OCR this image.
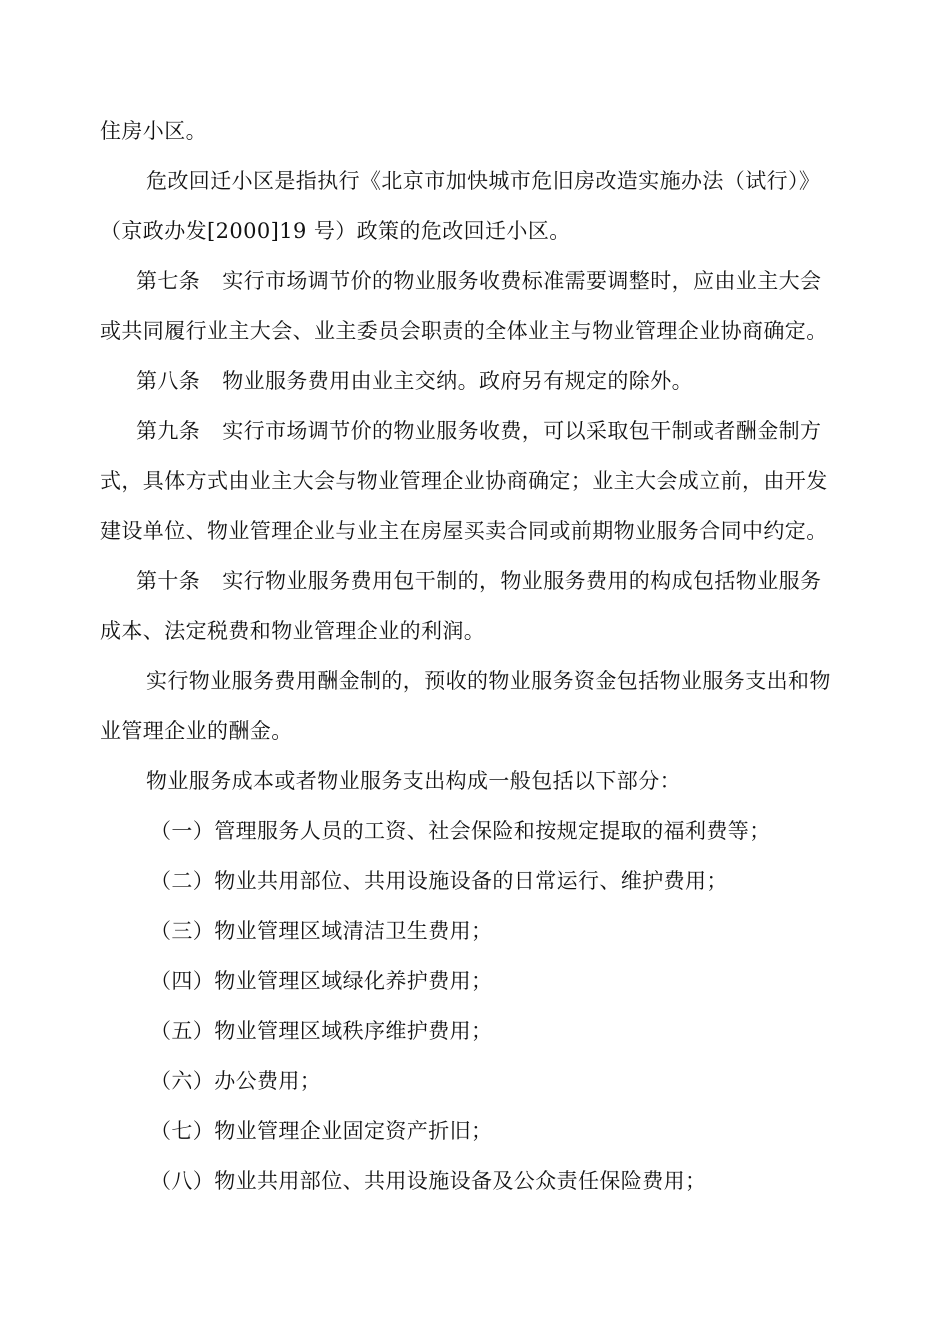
住房小区。
危改回迁小区是指执行《北京市加快城市危旧房改造实施办法（试行）》
（京政办发[2000]19 号）政策的危改回迁小区。
第七条 实行市场调节价的物业服务收费标准需要调整时，应由业主大会
或共同履行业主大会、业主委员会职责的全体业主与物业管理企业协商确定。
第八条 物业服务费用由业主交纳。政府另有规定的除外。
第九条 实行市场调节价的物业服务收费，可以采取包干制或者酬金制方
式，具体方式由业主大会与物业管理企业协商确定；业主大会成立前，由开发
建设单位、物业管理企业与业主在房屋买卖合同或前期物业服务合同中约定。
第十条 实行物业服务费用包干制的，物业服务费用的构成包括物业服务
成本、法定税费和物业管理企业的利润。
实行物业服务费用酬金制的，预收的物业服务资金包括物业服务支出和物
业管理企业的酬金。
物业服务成本或者物业服务支出构成一般包括以下部分：
（一）管理服务人员的工资、社会保险和按规定提取的福利费等；
（二）物业共用部位、共用设施设备的日常运行、维护费用；
（三）物业管理区域清洁卫生费用；
（四）物业管理区域绿化养护费用；
（五）物业管理区域秩序维护费用；
（六）办公费用；
（七）物业管理企业固定资产折旧；
（八）物业共用部位、共用设施设备及公众责任保险费用；
